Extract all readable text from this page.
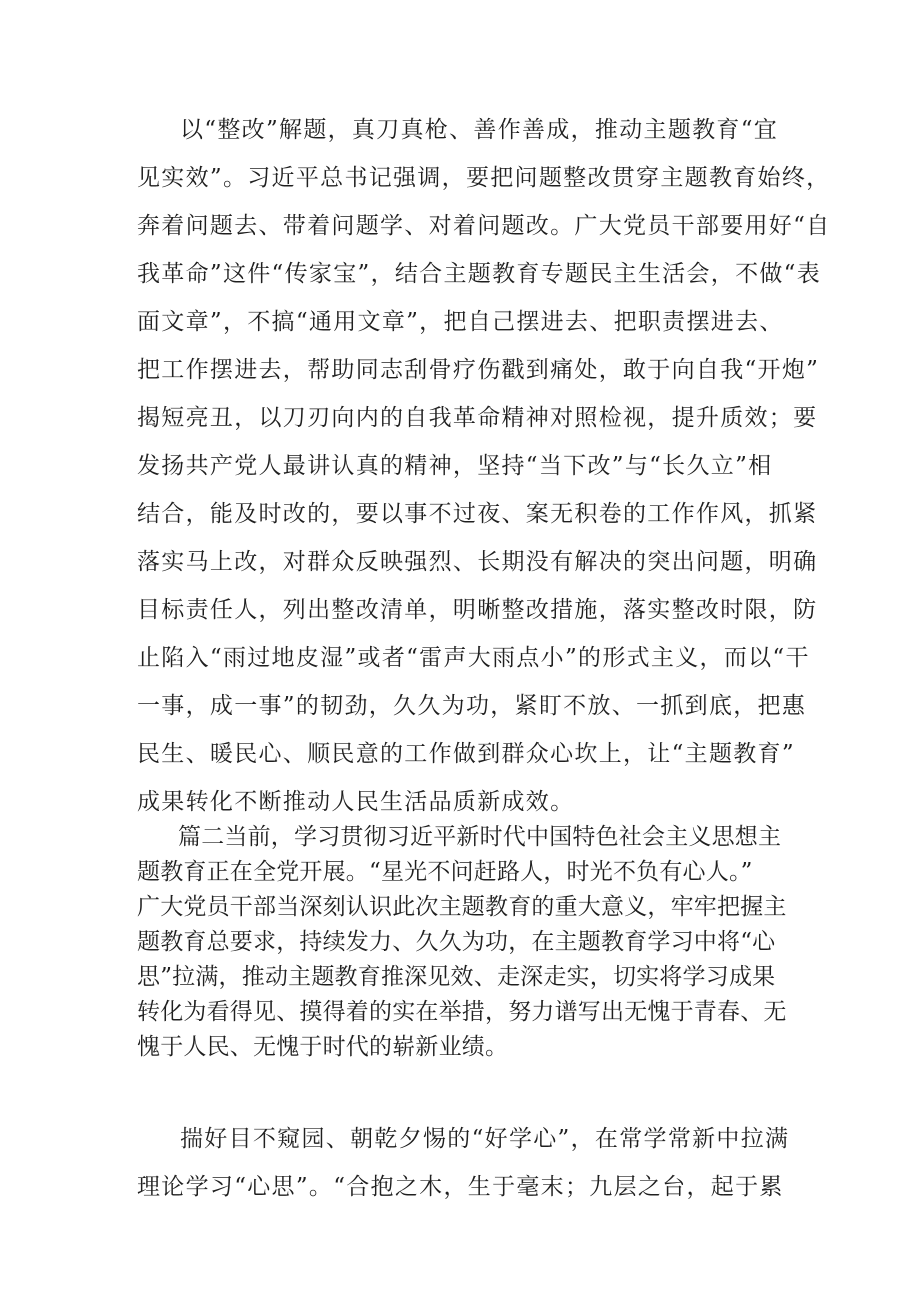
以“整改”解题，真刀真枪、善作善成，推动主题教育“宜
见实效”。习近平总书记强调，要把问题整改贯穿主题教育始终，
奔着问题去、带着问题学、对着问题改。广大党员干部要用好“自
我革命”这件“传家宝”，结合主题教育专题民主生活会，不做“表
面文章”，不搞“通用文章”，把自己摆进去、把职责摆进去、
把工作摆进去，帮助同志刮骨疗伤戳到痛处，敢于向自我“开炮”
揭短亮丑，以刀刃向内的自我革命精神对照检视，提升质效；要
发扬共产党人最讲认真的精神，坚持“当下改”与“长久立”相
结合，能及时改的，要以事不过夜、案无积卷的工作作风，抓紧
落实马上改，对群众反映强烈、长期没有解决的突出问题，明确
目标责任人，列出整改清单，明晰整改措施，落实整改时限，防
止陷入“雨过地皮湿”或者“雷声大雨点小”的形式主义，而以“干
一事，成一事”的韧劲，久久为功，紧盯不放、一抓到底，把惠
民生、暖民心、顺民意的工作做到群众心坎上，让“主题教育”
成果转化不断推动人民生活品质新成效。
篇二当前，学习贯彻习近平新时代中国特色社会主义思想主
题教育正在全党开展。“星光不问赶路人，时光不负有心人。”
广大党员干部当深刻认识此次主题教育的重大意义，牢牢把握主
题教育总要求，持续发力、久久为功，在主题教育学习中将“心
思”拉满，推动主题教育推深见效、走深走实，切实将学习成果
转化为看得见、摸得着的实在举措，努力谱写出无愧于青春、无
愧于人民、无愧于时代的崭新业绩。
揣好目不窥园、朝乾夕惕的“好学心”，在常学常新中拉满
理论学习“心思”。“合抱之木，生于毫末；九层之台，起于累
